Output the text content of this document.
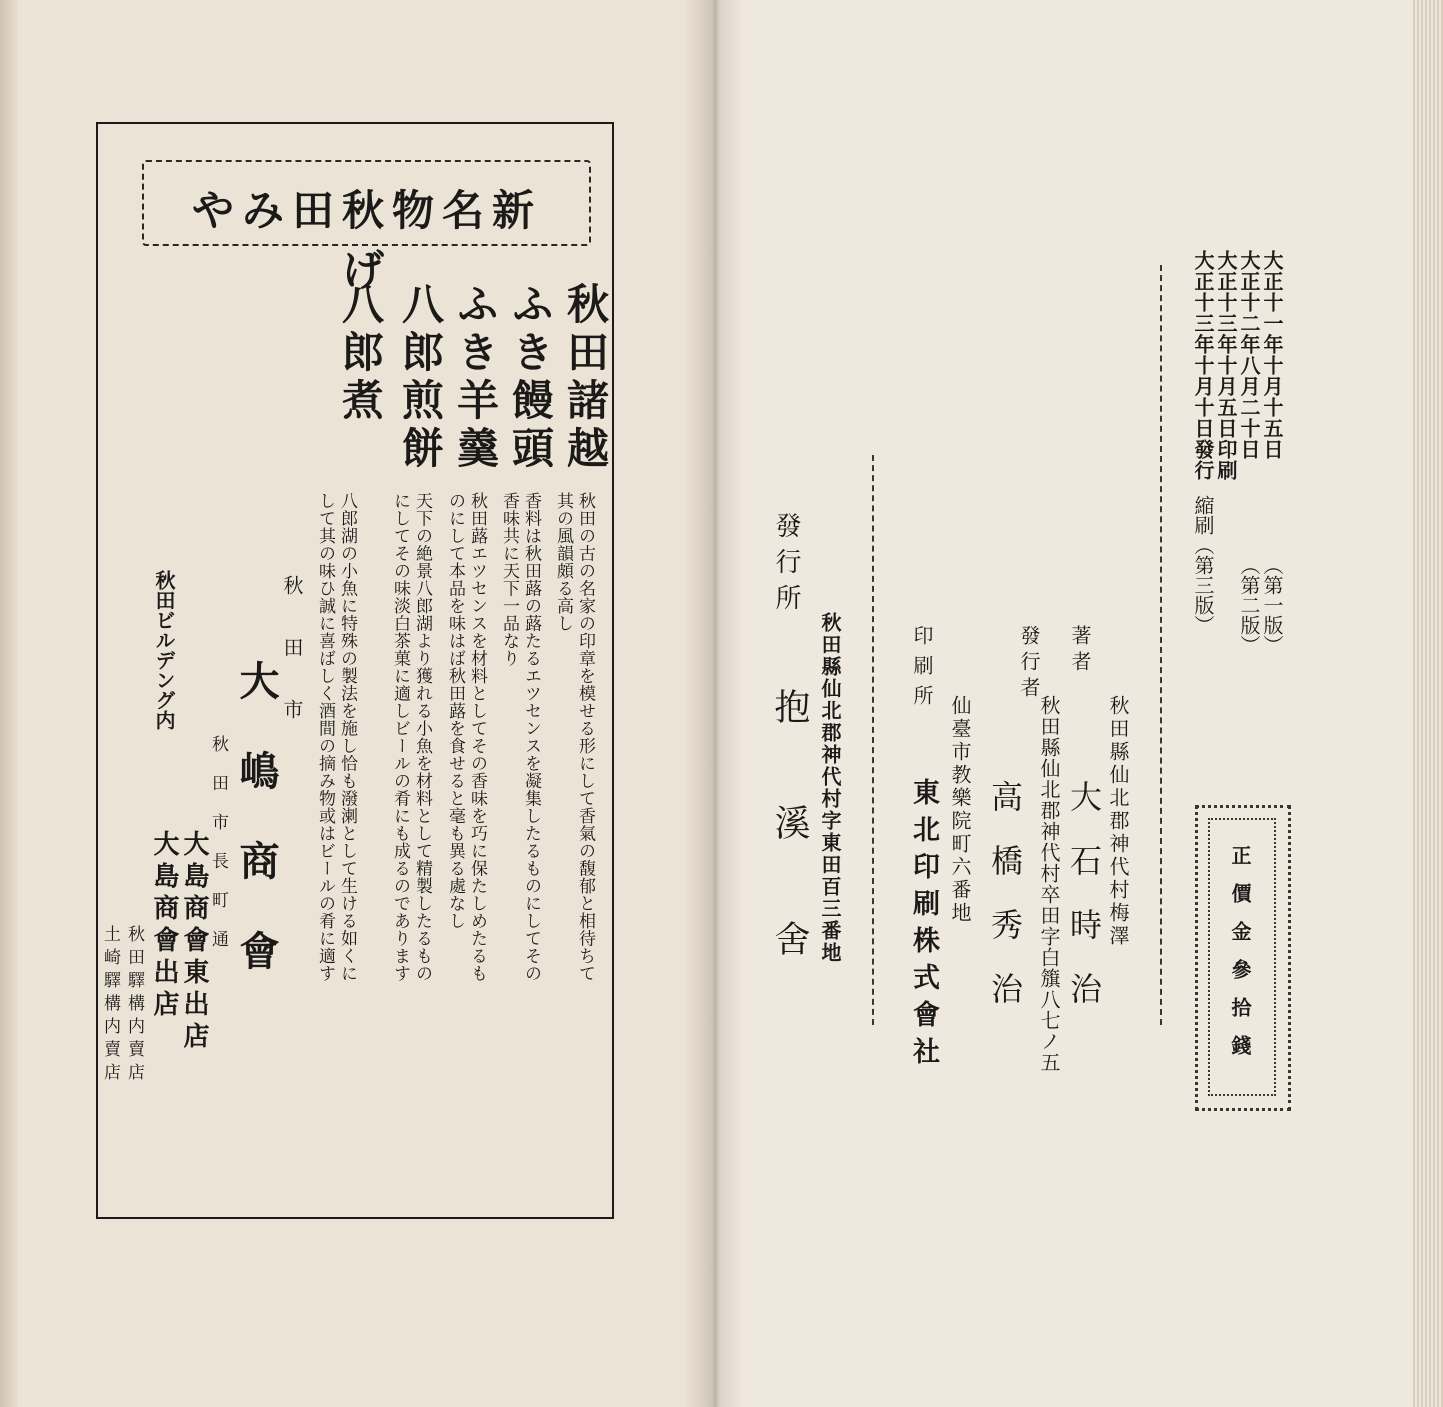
新名物秋田みやげ
秋田諸越
ふき饅頭
ふき羊羹
八郎煎餅
八郎煮
秋田の古の名家の印章を模せる形にして香氣の馥郁と相待ちて
其の風韻頗る高し
香料は秋田蕗の蕗たるエツセンスを凝集したるものにしてその
香味共に天下一品なり
秋田蕗エツセンスを材料としてその香味を巧に保たしめたるも
のにして本品を味はば秋田蕗を食せると毫も異る處なし
天下の絶景八郎湖より獲れる小魚を材料として精製したるもの
にしてその味淡白茶菓に適しビールの肴にも成るのであります
八郎湖の小魚に特殊の製法を施し恰も潑溂として生ける如くに
して其の味ひ誠に喜ばしく酒間の摘み物或はビールの肴に適す
秋田市
大嶋商會
秋田市長町通
秋田ビルデング内
大島商會東出店
大島商會出店
秋田驛構内賣店
土崎驛構内賣店
大正十一年十月十五日
大正十二年八月二十日
大正十三年十月五日印刷
大正十三年十月十日發行
（第一版）
（第二版）
縮刷（第三版）
正價金參拾錢
著者
秋田縣仙北郡神代村梅澤
大石時治
發行者
秋田縣仙北郡神代村卒田字白籏八七ノ五
高橋秀治
印刷所
仙臺市教樂院町六番地
東北印刷株式會社
秋田縣仙北郡神代村字東田百三番地
發行所
抱溪舍
